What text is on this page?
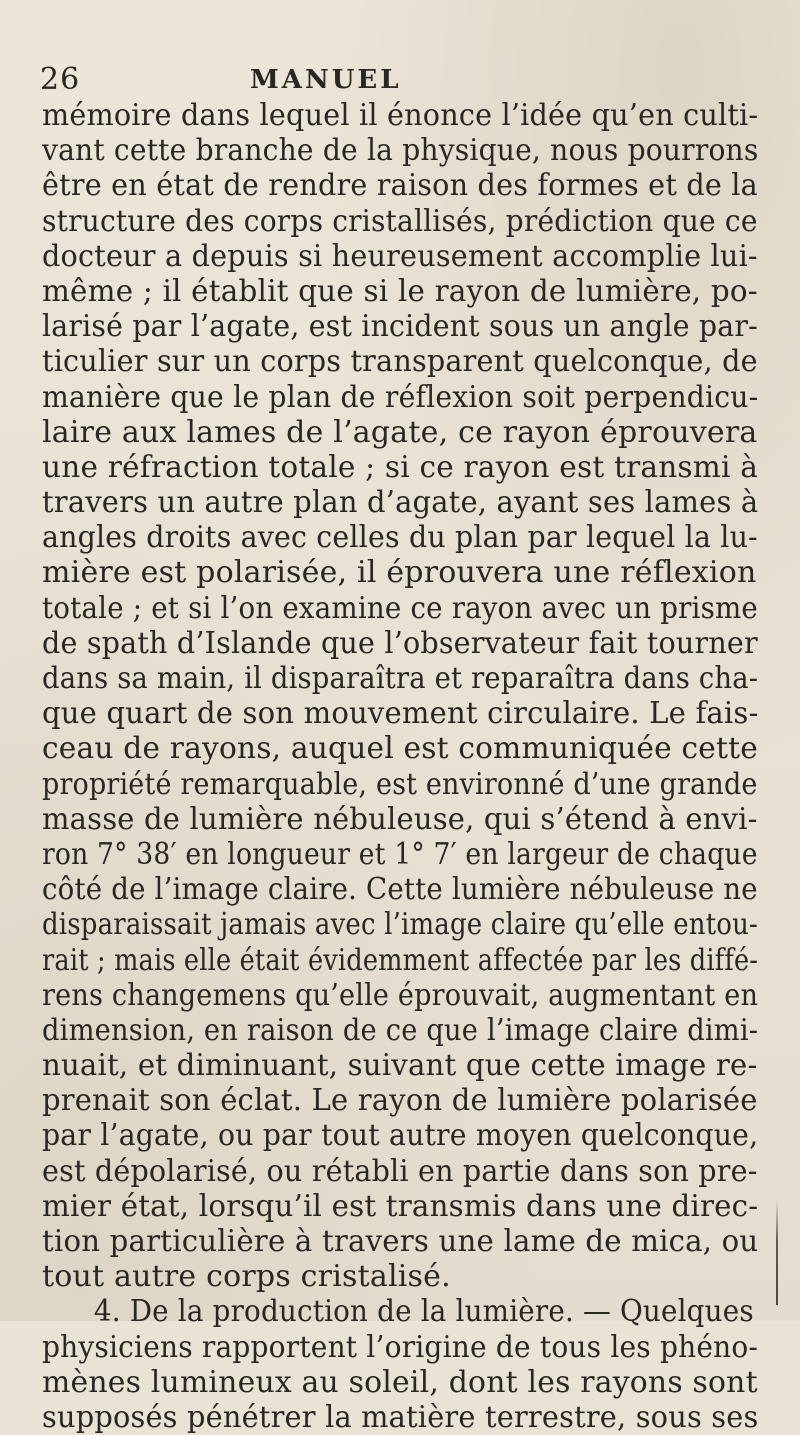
26	MANUEL
mémoire dans lequel il énonce l’idée qu’en culti-
vant cette branche de la physique, nous pourrons
être en état de rendre raison des formes et de la
structure des corps cristallisés, prédiction que ce
docteur a depuis si heureusement accomplie lui-
même ; il établit que si le rayon de lumière, po-
larisé par l’agate, est incident sous un angle par-
ticulier sur un corps transparent quelconque, de
manière que le plan de réflexion soit perpendicu-
laire aux lames de l’agate, ce rayon éprouvera
une réfraction totale ; si ce rayon est transmi à
travers un autre plan d’agate, ayant ses lames à
angles droits avec celles du plan par lequel la lu-
mière est polarisée, il éprouvera une réflexion
totale ; et si l’on examine ce rayon avec un prisme
de spath d’Islande que l’observateur fait tourner
dans sa main, il disparaîtra et reparaîtra dans cha-
que quart de son mouvement circulaire. Le fais-
ceau de rayons, auquel est communiquée cette
propriété remarquable, est environné d’une grande
masse de lumière nébuleuse, qui s’étend à envi-
ron 7° 38′ en longueur et 1° 7′ en largeur de chaque
côté de l’image claire. Cette lumière nébuleuse ne
disparaissait jamais avec l’image claire qu’elle entou-
rait ; mais elle était évidemment affectée par les diffé-
rens changemens qu’elle éprouvait, augmentant en
dimension, en raison de ce que l’image claire dimi-
nuait, et diminuant, suivant que cette image re-
prenait son éclat. Le rayon de lumière polarisée
par l’agate, ou par tout autre moyen quelconque,
est dépolarisé, ou rétabli en partie dans son pre-
mier état, lorsqu’il est transmis dans une direc-
tion particulière à travers une lame de mica, ou
tout autre corps cristalisé.
4. De la production de la lumière. — Quelques
physiciens rapportent l’origine de tous les phéno-
mènes lumineux au soleil, dont les rayons sont
supposés pénétrer la matière terrestre, sous ses
